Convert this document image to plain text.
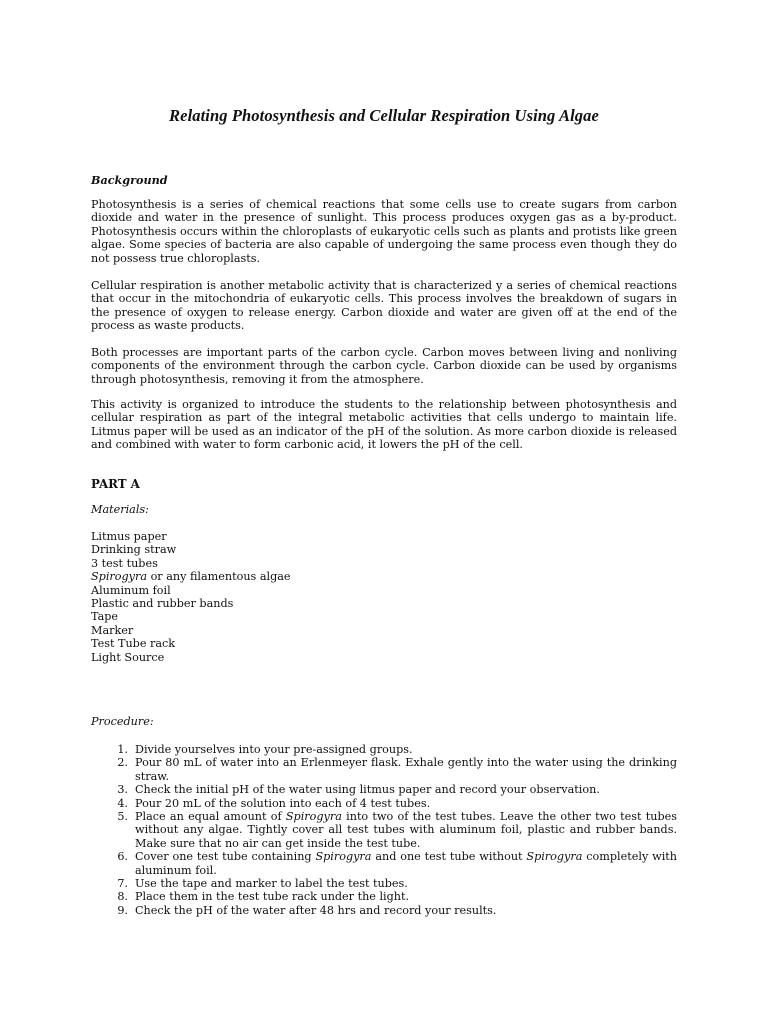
Relating Photosynthesis and Cellular Respiration Using Algae
Background

Photosynthesis is a series of chemical reactions that some cells use to create sugars from carbon dioxide and water in the presence of sunlight. This process produces oxygen gas as a by-product. Photosynthesis occurs within the chloroplasts of eukaryotic cells such as plants and protists like green algae. Some species of bacteria are also capable of undergoing the same process even though they do not possess true chloroplasts.

Cellular respiration is another metabolic activity that is characterized y a series of chemical reactions that occur in the mitochondria of eukaryotic cells. This process involves the breakdown of sugars in the presence of oxygen to release energy. Carbon dioxide and water are given off at the end of the process as waste products.

Both processes are important parts of the carbon cycle. Carbon moves between living and nonliving components of the environment through the carbon cycle. Carbon dioxide can be used by organisms through photosynthesis, removing it from the atmosphere.

This activity is organized to introduce the students to the relationship between photosynthesis and cellular respiration as part of the integral metabolic activities that cells undergo to maintain life. Litmus paper will be used as an indicator of the pH of the solution. As more carbon dioxide is released and combined with water to form carbonic acid, it lowers the pH of the cell.

PART A
Materials:
Litmus paper
Drinking straw
3 test tubes
Spirogyra or any filamentous algae
Aluminum foil
Plastic and rubber bands
Tape
Marker
Test Tube rack
Light Source
Procedure:
1. Divide yourselves into your pre-assigned groups.
2. Pour 80 mL of water into an Erlenmeyer flask. Exhale gently into the water using the drinking straw.
3. Check the initial pH of the water using litmus paper and record your observation.
4. Pour 20 mL of the solution into each of 4 test tubes.
5. Place an equal amount of Spirogyra into two of the test tubes. Leave the other two test tubes without any algae. Tightly cover all test tubes with aluminum foil, plastic and rubber bands. Make sure that no air can get inside the test tube.
6. Cover one test tube containing Spirogyra and one test tube without Spirogyra completely with aluminum foil.
7. Use the tape and marker to label the test tubes.
8. Place them in the test tube rack under the light.
9. Check the pH of the water after 48 hrs and record your results.
